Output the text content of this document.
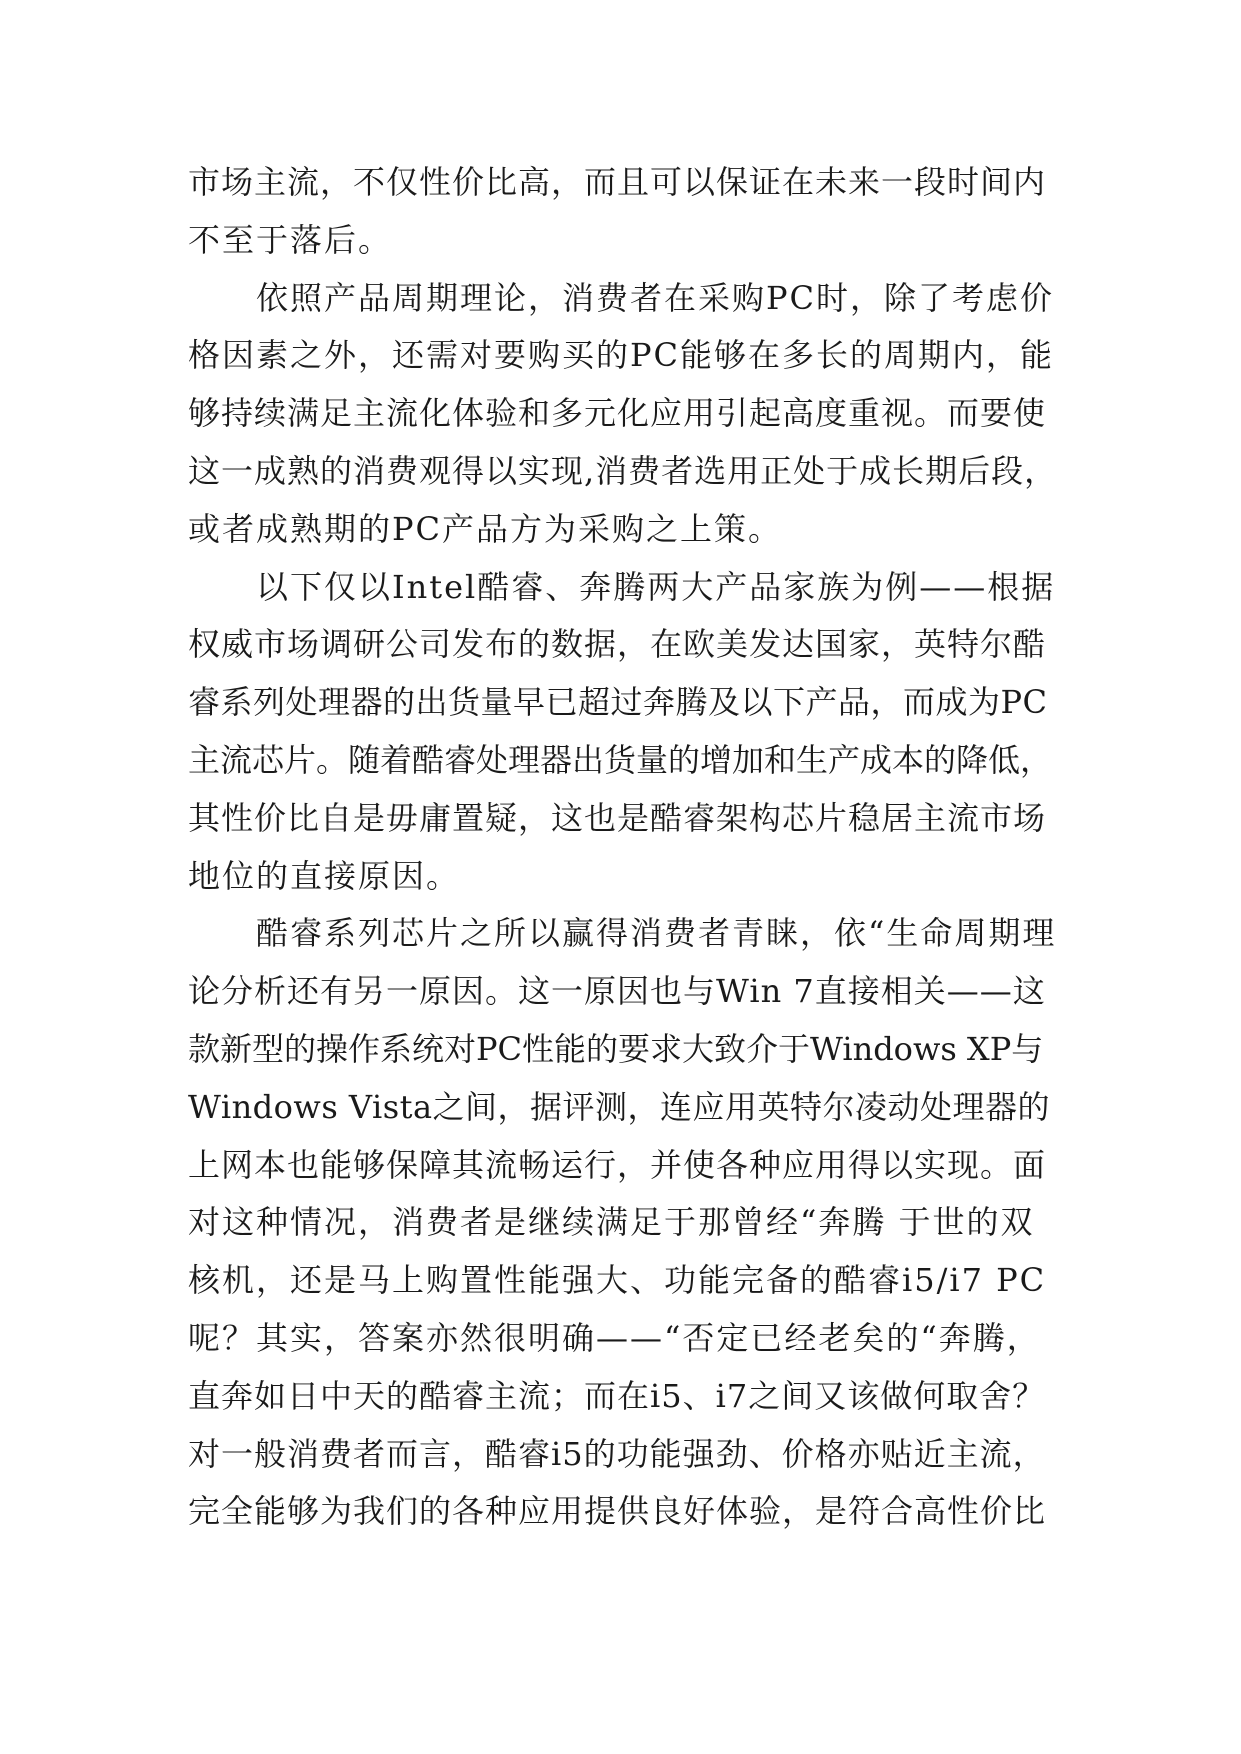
市场主流，不仅性价比高，而且可以保证在未来一段时间内
不至于落后。
依照产品周期理论，消费者在采购PC时，除了考虑价
格因素之外，还需对要购买的PC能够在多长的周期内，能
够持续满足主流化体验和多元化应用引起高度重视。而要使
这一成熟的消费观得以实现,消费者选用正处于成长期后段，
或者成熟期的PC产品方为采购之上策。
以下仅以Intel酷睿、奔腾两大产品家族为例——根据
权威市场调研公司发布的数据，在欧美发达国家，英特尔酷
睿系列处理器的出货量早已超过奔腾及以下产品，而成为PC
主流芯片。随着酷睿处理器出货量的增加和生产成本的降低，
其性价比自是毋庸置疑，这也是酷睿架构芯片稳居主流市场
地位的直接原因。
酷睿系列芯片之所以赢得消费者青睐，依“生命周期理
论分析还有另一原因。这一原因也与Win 7直接相关——这
款新型的操作系统对PC性能的要求大致介于Windows XP与
Windows Vista之间，据评测，连应用英特尔凌动处理器的
上网本也能够保障其流畅运行，并使各种应用得以实现。面
对这种情况，消费者是继续满足于那曾经“奔腾 于世的双
核机，还是马上购置性能强大、功能完备的酷睿i5/i7 PC
呢？其实，答案亦然很明确——“否定已经老矣的“奔腾，
直奔如日中天的酷睿主流；而在i5、i7之间又该做何取舍？
对一般消费者而言，酷睿i5的功能强劲、价格亦贴近主流，
完全能够为我们的各种应用提供良好体验，是符合高性价比
